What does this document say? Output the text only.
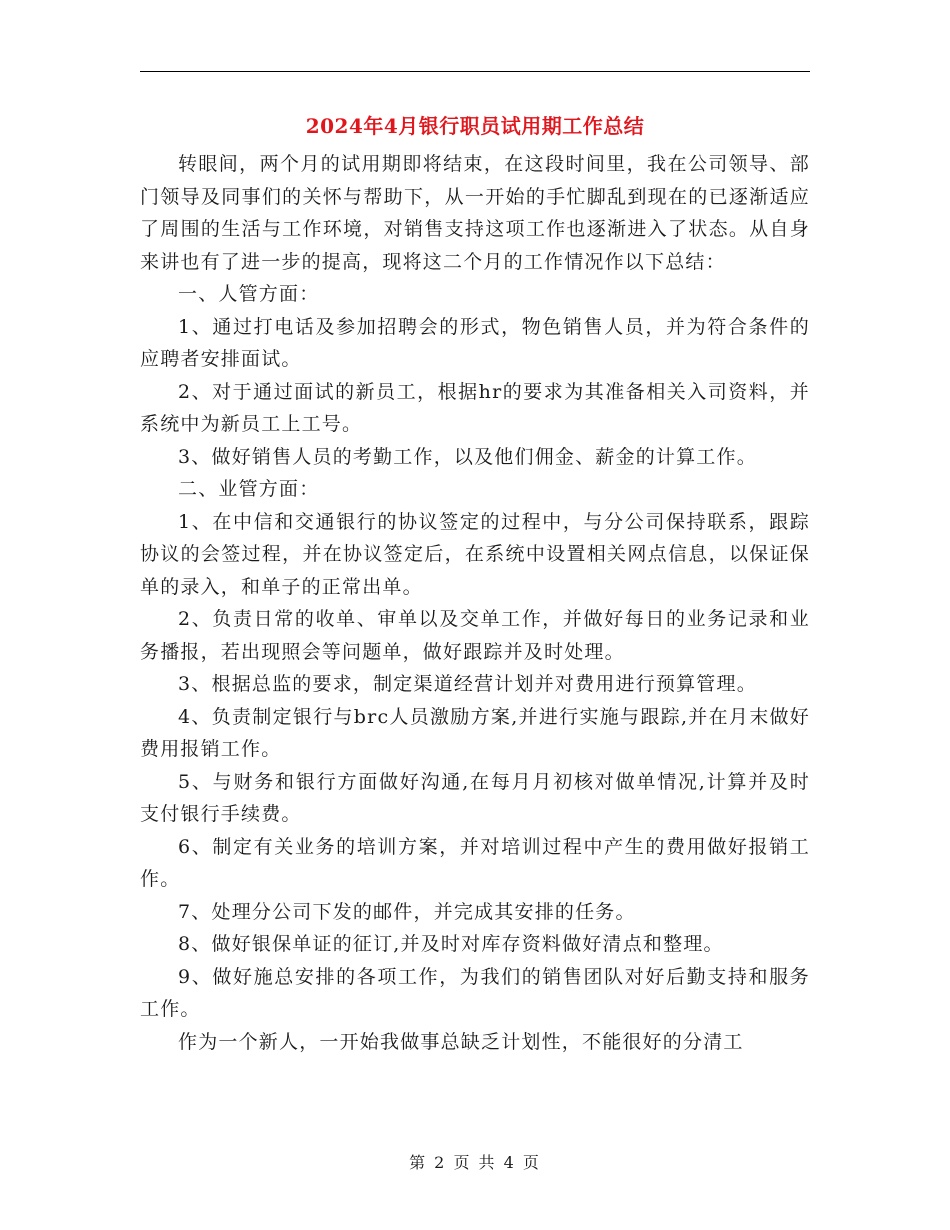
2024年4月银行职员试用期工作总结

转眼间，两个月的试用期即将结束，在这段时间里，我在公司领导、部门领导及同事们的关怀与帮助下，从一开始的手忙脚乱到现在的已逐渐适应了周围的生活与工作环境，对销售支持这项工作也逐渐进入了状态。从自身来讲也有了进一步的提高，现将这二个月的工作情况作以下总结：

一、人管方面：

1、通过打电话及参加招聘会的形式，物色销售人员，并为符合条件的应聘者安排面试。

2、对于通过面试的新员工，根据hr的要求为其准备相关入司资料，并系统中为新员工上工号。

3、做好销售人员的考勤工作，以及他们佣金、薪金的计算工作。

二、业管方面：

1、在中信和交通银行的协议签定的过程中，与分公司保持联系，跟踪协议的会签过程，并在协议签定后，在系统中设置相关网点信息，以保证保单的录入，和单子的正常出单。

2、负责日常的收单、审单以及交单工作，并做好每日的业务记录和业务播报，若出现照会等问题单，做好跟踪并及时处理。

3、根据总监的要求，制定渠道经营计划并对费用进行预算管理。

4、负责制定银行与brc人员激励方案,并进行实施与跟踪,并在月末做好费用报销工作。

5、与财务和银行方面做好沟通,在每月月初核对做单情况,计算并及时支付银行手续费。

6、制定有关业务的培训方案，并对培训过程中产生的费用做好报销工作。

7、处理分公司下发的邮件，并完成其安排的任务。

8、做好银保单证的征订,并及时对库存资料做好清点和整理。

9、做好施总安排的各项工作，为我们的销售团队对好后勤支持和服务工作。

作为一个新人，一开始我做事总缺乏计划性，不能很好的分清工

第 2 页 共 4 页
